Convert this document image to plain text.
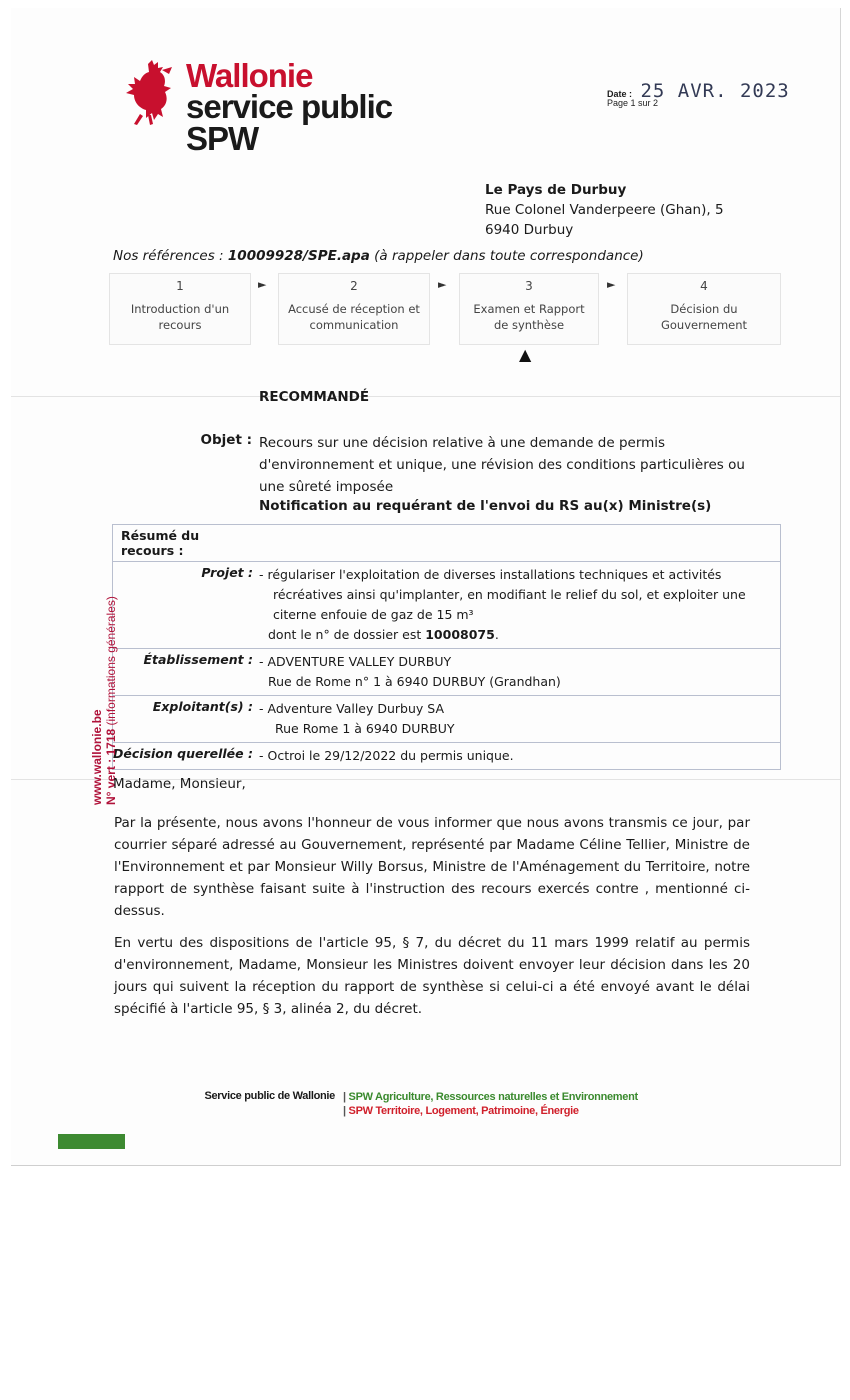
Wallonie
service public
SPW
Date : 25 AVR. 2023
Page 1 sur 2
Le Pays de Durbuy
Rue Colonel Vanderpeere (Ghan), 5
6940 Durbuy
Nos références : 10009928/SPE.apa (à rappeler dans toute correspondance)
1
Introduction d'un recours
►	2
Accusé de réception et communication
►	3
Examen et Rapport de synthèse
►	4
Décision du Gouvernement
▲
RECOMMANDÉ
Objet : Recours sur une décision relative à une demande de permis d'environnement et unique, une révision des conditions particulières ou une sûreté imposée
Notification au requérant de l'envoi du RS au(x) Ministre(s)
Résumé du recours :
Projet : - régulariser l'exploitation de diverses installations techniques et activités
récréatives ainsi qu'implanter, en modifiant le relief du sol, et exploiter une citerne enfouie de gaz de 15 m³
dont le n° de dossier est 10008075.
Établissement : - ADVENTURE VALLEY DURBUY
Rue de Rome n° 1 à 6940 DURBUY (Grandhan)
Exploitant(s) : - Adventure Valley Durbuy SA
Rue Rome 1 à 6940 DURBUY
Décision querellée : - Octroi le 29/12/2022 du permis unique.
www.wallonie.be N° vert : 1718 (informations générales)
Madame, Monsieur,
Par la présente, nous avons l'honneur de vous informer que nous avons transmis ce jour, par courrier séparé adressé au Gouvernement, représenté par Madame Céline Tellier, Ministre de l'Environnement et par Monsieur Willy Borsus, Ministre de l'Aménagement du Territoire, notre rapport de synthèse faisant suite à l'instruction des recours exercés contre , mentionné ci-dessus.
En vertu des dispositions de l'article 95, § 7, du décret du 11 mars 1999 relatif au permis d'environnement, Madame, Monsieur les Ministres doivent envoyer leur décision dans les 20 jours qui suivent la réception du rapport de synthèse si celui-ci a été envoyé avant le délai spécifié à l'article 95, § 3, alinéa 2, du décret.
Service public de Wallonie | SPW Agriculture, Ressources naturelles et Environnement
| SPW Territoire, Logement, Patrimoine, Énergie
